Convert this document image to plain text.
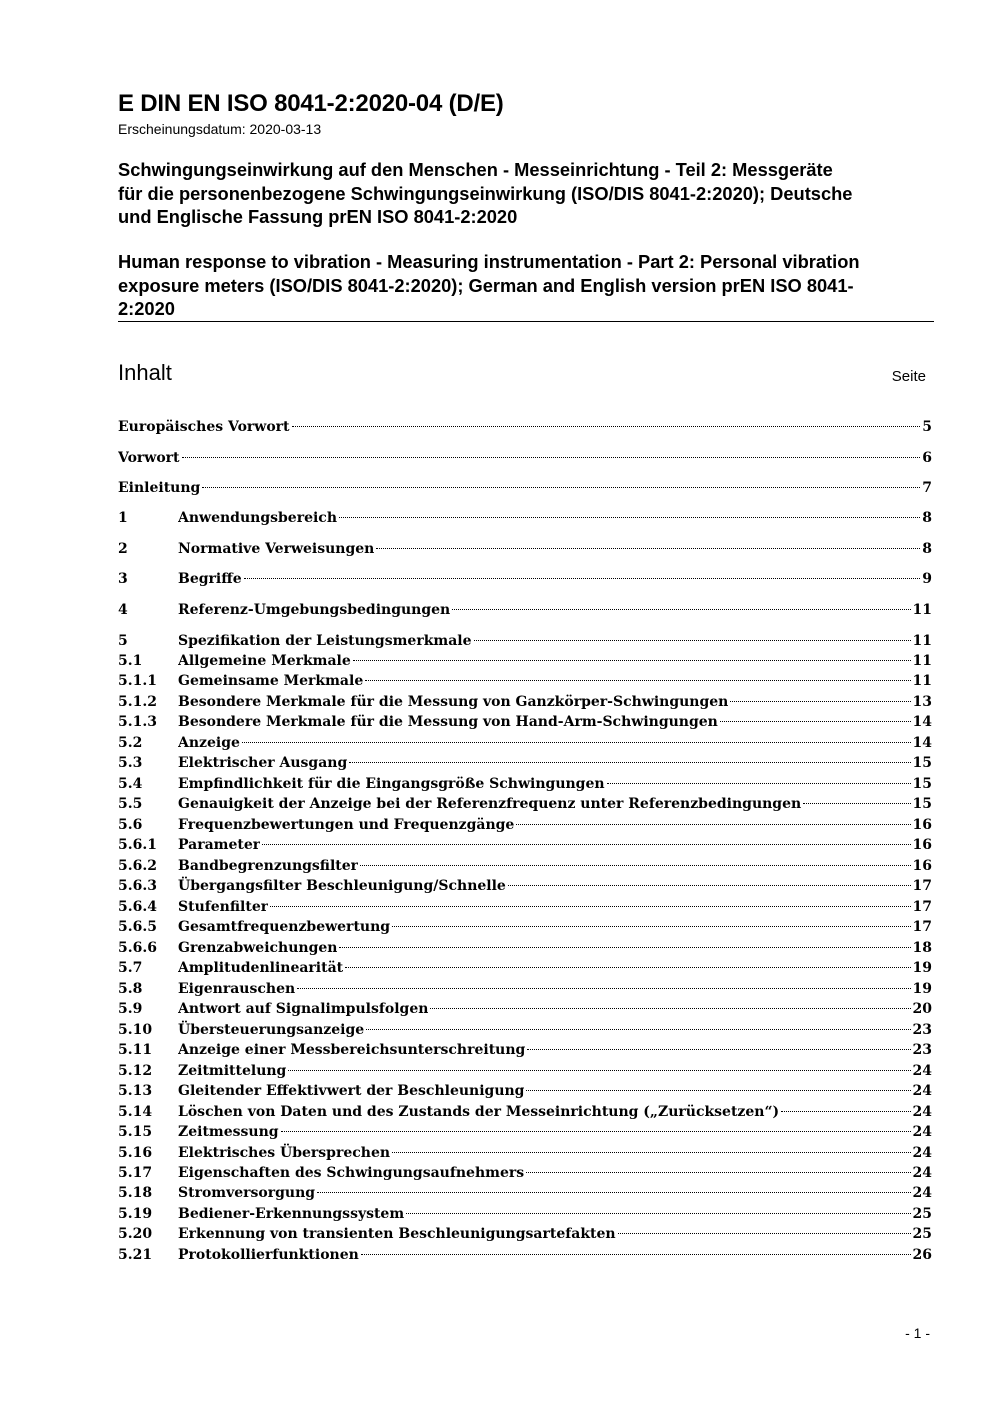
E DIN EN ISO 8041-2:2020-04 (D/E)
Erscheinungsdatum: 2020-03-13
Schwingungseinwirkung auf den Menschen - Messeinrichtung - Teil 2: Messgeräte
für die personenbezogene Schwingungseinwirkung (ISO/DIS 8041-2:2020); Deutsche
und Englische Fassung prEN ISO 8041-2:2020
Human response to vibration - Measuring instrumentation - Part 2: Personal vibration
exposure meters (ISO/DIS 8041-2:2020); German and English version prEN ISO 8041-
2:2020
Inhalt	Seite
Europäisches Vorwort	5
Vorwort	6
Einleitung	7
1	Anwendungsbereich	8
2	Normative Verweisungen	8
3	Begriffe	9
4	Referenz-Umgebungsbedingungen	11
5	Spezifikation der Leistungsmerkmale	11
5.1	Allgemeine Merkmale	11
5.1.1	Gemeinsame Merkmale	11
5.1.2	Besondere Merkmale für die Messung von Ganzkörper-Schwingungen	13
5.1.3	Besondere Merkmale für die Messung von Hand-Arm-Schwingungen	14
5.2	Anzeige	14
5.3	Elektrischer Ausgang	15
5.4	Empfindlichkeit für die Eingangsgröße Schwingungen	15
5.5	Genauigkeit der Anzeige bei der Referenzfrequenz unter Referenzbedingungen	15
5.6	Frequenzbewertungen und Frequenzgänge	16
5.6.1	Parameter	16
5.6.2	Bandbegrenzungsfilter	16
5.6.3	Übergangsfilter Beschleunigung/Schnelle	17
5.6.4	Stufenfilter	17
5.6.5	Gesamtfrequenzbewertung	17
5.6.6	Grenzabweichungen	18
5.7	Amplitudenlinearität	19
5.8	Eigenrauschen	19
5.9	Antwort auf Signalimpulsfolgen	20
5.10	Übersteuerungsanzeige	23
5.11	Anzeige einer Messbereichsunterschreitung	23
5.12	Zeitmittelung	24
5.13	Gleitender Effektivwert der Beschleunigung	24
5.14	Löschen von Daten und des Zustands der Messeinrichtung („Zurücksetzen“)	24
5.15	Zeitmessung	24
5.16	Elektrisches Übersprechen	24
5.17	Eigenschaften des Schwingungsaufnehmers	24
5.18	Stromversorgung	24
5.19	Bediener-Erkennungssystem	25
5.20	Erkennung von transienten Beschleunigungsartefakten	25
5.21	Protokollierfunktionen	26
- 1 -
